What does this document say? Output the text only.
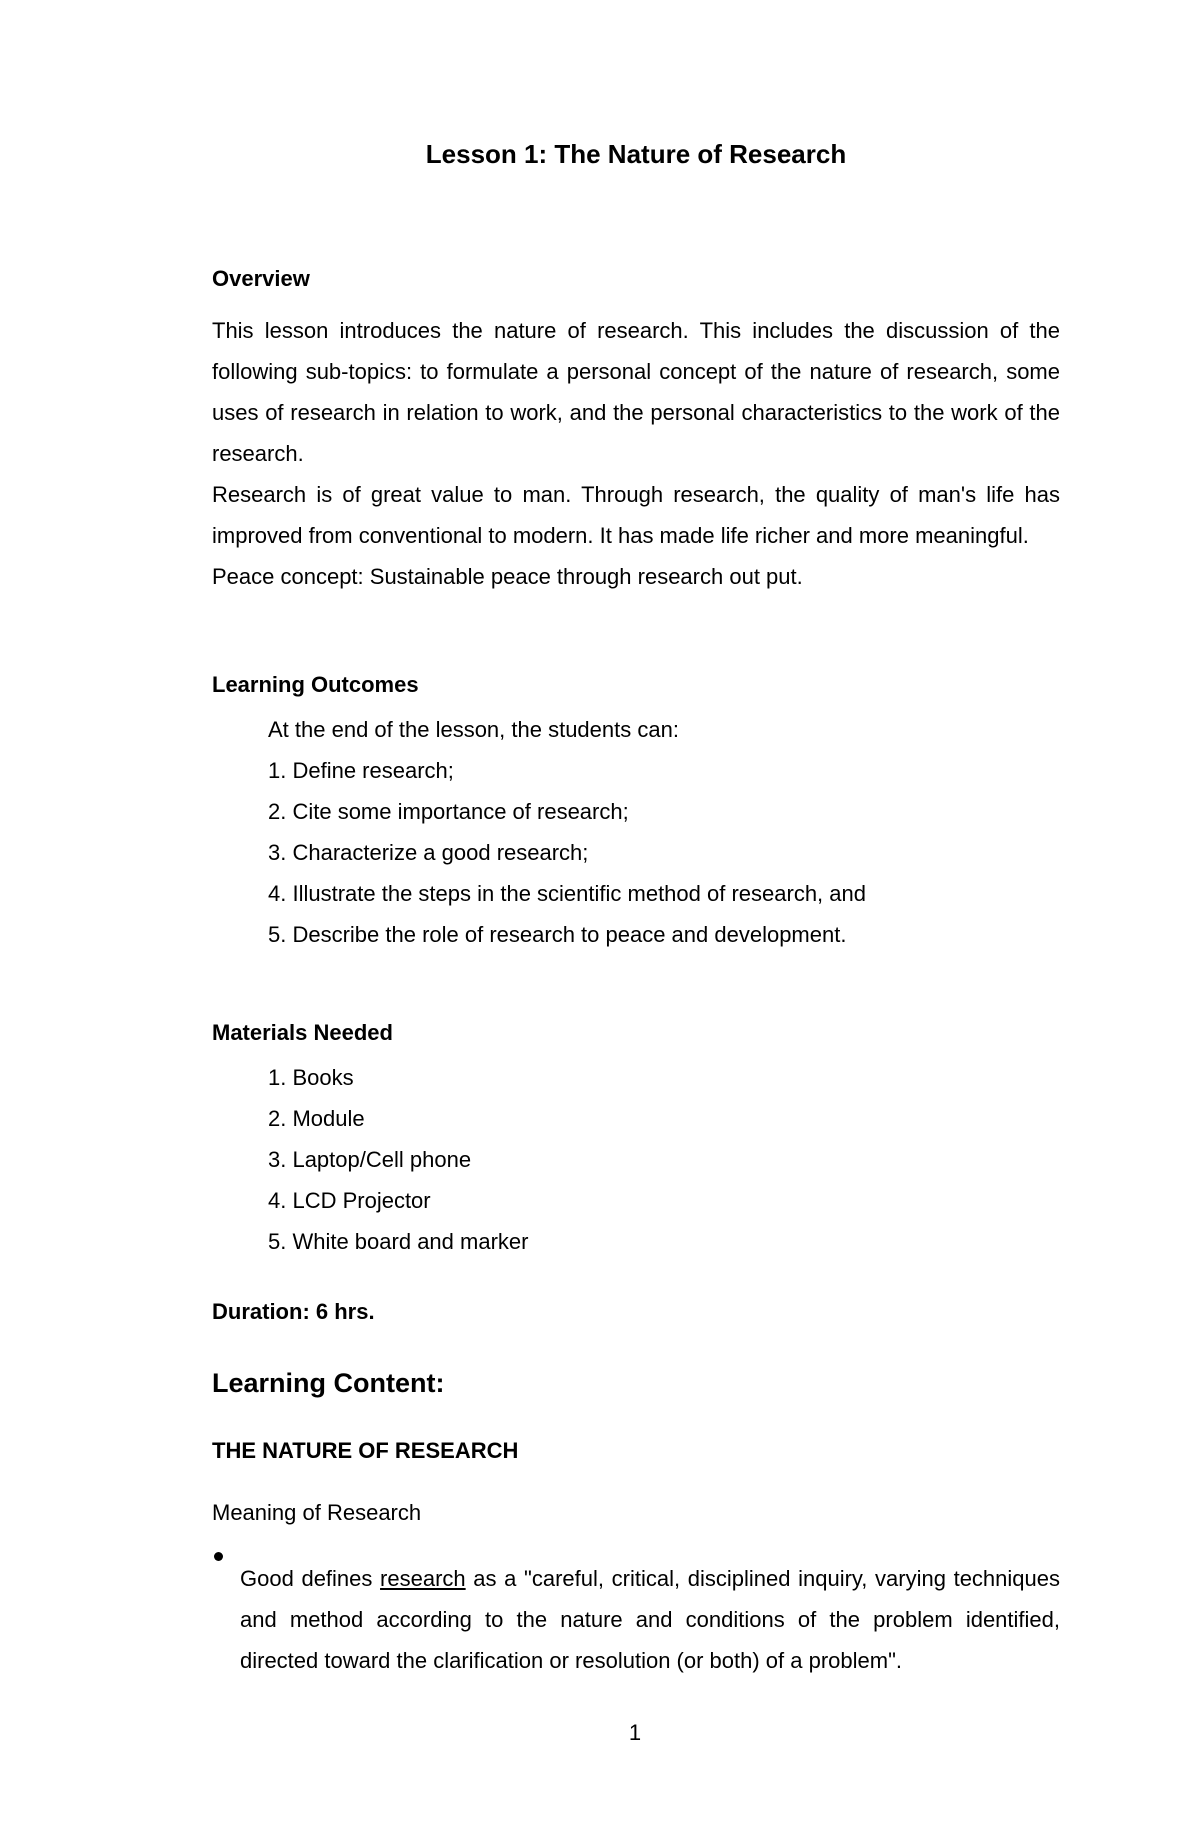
Lesson 1: The Nature of Research
Overview

This lesson introduces the nature of research. This includes the discussion of the following sub-topics: to formulate a personal concept of the nature of research, some uses of research in relation to work, and the personal characteristics to the work of the research.

Research is of great value to man. Through research, the quality of man's life has improved from conventional to modern. It has made life richer and more meaningful.

Peace concept: Sustainable peace through research out put.

Learning Outcomes
At the end of the lesson, the students can:
1. Define research;
2. Cite some importance of research;
3. Characterize a good research;
4. Illustrate the steps in the scientific method of research, and
5. Describe the role of research to peace and development.
Materials Needed
1. Books
2. Module
3. Laptop/Cell phone
4. LCD Projector
5. White board and marker
Duration: 6 hrs.
Learning Content:
THE NATURE OF RESEARCH

Meaning of Research

Good defines research as a "careful, critical, disciplined inquiry, varying techniques and method according to the nature and conditions of the problem identified, directed toward the clarification or resolution (or both) of a problem".

1
